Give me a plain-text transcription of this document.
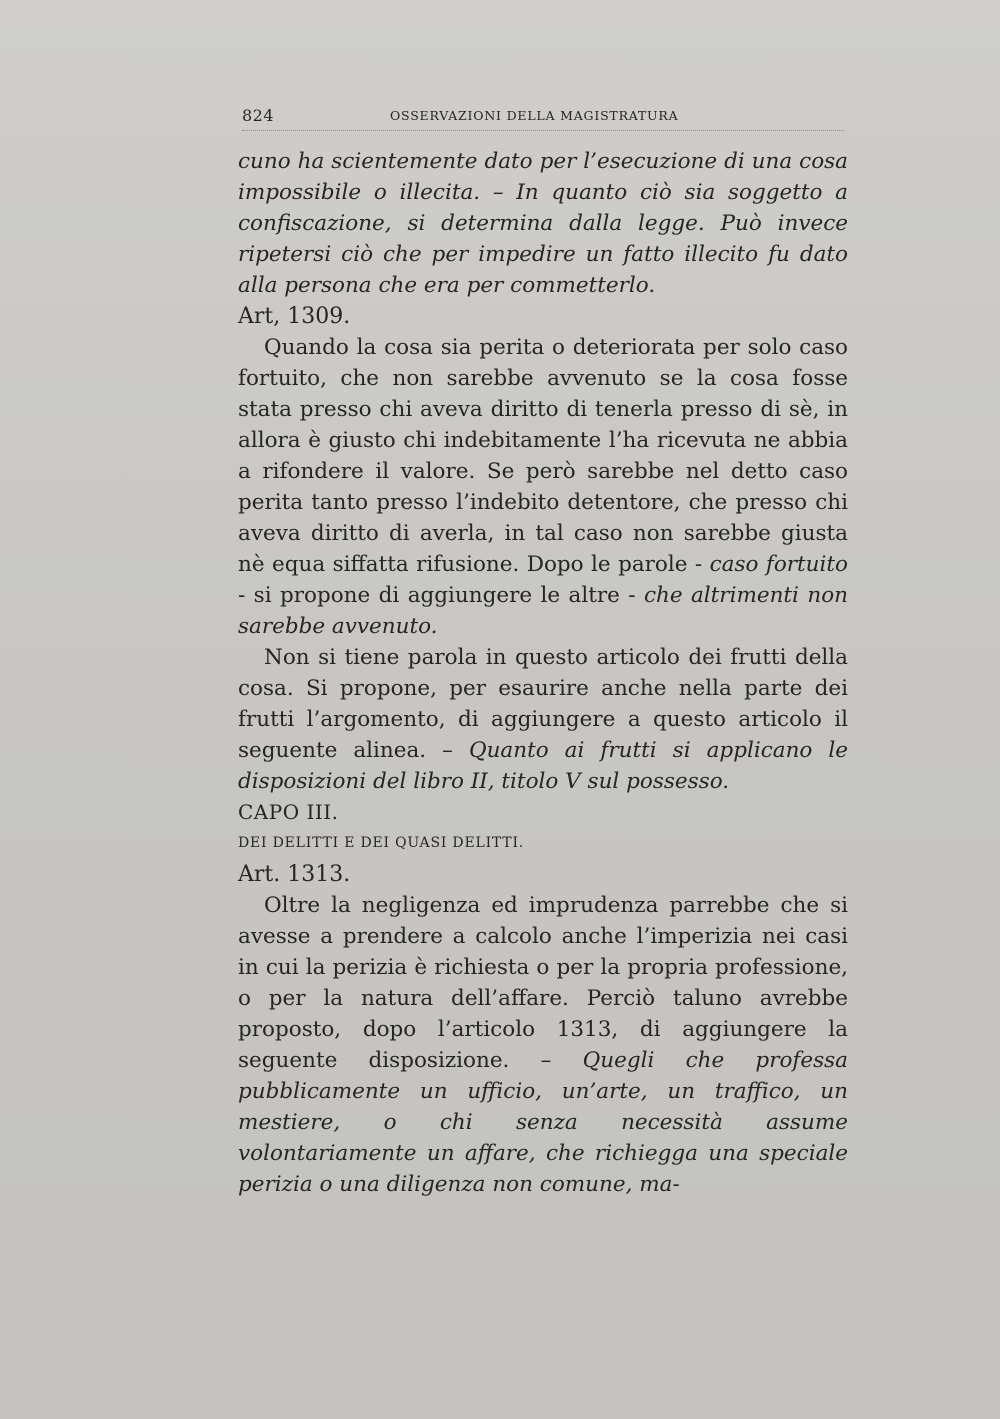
824	OSSERVAZIONI DELLA MAGISTRATURA

cuno ha scientemente dato per l’esecuzione di una cosa impossibile o illecita. – In quanto ciò sia soggetto a confiscazione, si determina dalla legge. Può invece ripetersi ciò che per impedire un fatto illecito fu dato alla persona che era per commetterlo.

Art, 1309.

Quando la cosa sia perita o deteriorata per solo caso fortuito, che non sarebbe avvenuto se la cosa fosse stata presso chi aveva diritto di tenerla presso di sè, in allora è giusto chi indebitamente l’ha ricevuta ne abbia a rifondere il valore. Se però sarebbe nel detto caso perita tanto presso l’indebito detentore, che presso chi aveva diritto di averla, in tal caso non sarebbe giusta nè equa siffatta rifusione. Dopo le parole - caso fortuito - si propone di aggiungere le altre - che altrimenti non sarebbe avvenuto.

Non si tiene parola in questo articolo dei frutti della cosa. Si propone, per esaurire anche nella parte dei frutti l’argomento, di aggiungere a questo articolo il seguente alinea. – Quanto ai frutti si applicano le disposizioni del libro II, titolo V sul possesso.

CAPO III.

DEI DELITTI E DEI QUASI DELITTI.

Art. 1313.

Oltre la negligenza ed imprudenza parrebbe che si avesse a prendere a calcolo anche l’imperizia nei casi in cui la perizia è richiesta o per la propria professione, o per la natura dell’affare. Perciò taluno avrebbe proposto, dopo l’articolo 1313, di aggiungere la seguente disposizione. – Quegli che professa pubblicamente un ufficio, un’arte, un traffico, un mestiere, o chi senza necessità assume volontariamente un affare, che richiegga una speciale perizia o una diligenza non comune, ma-
